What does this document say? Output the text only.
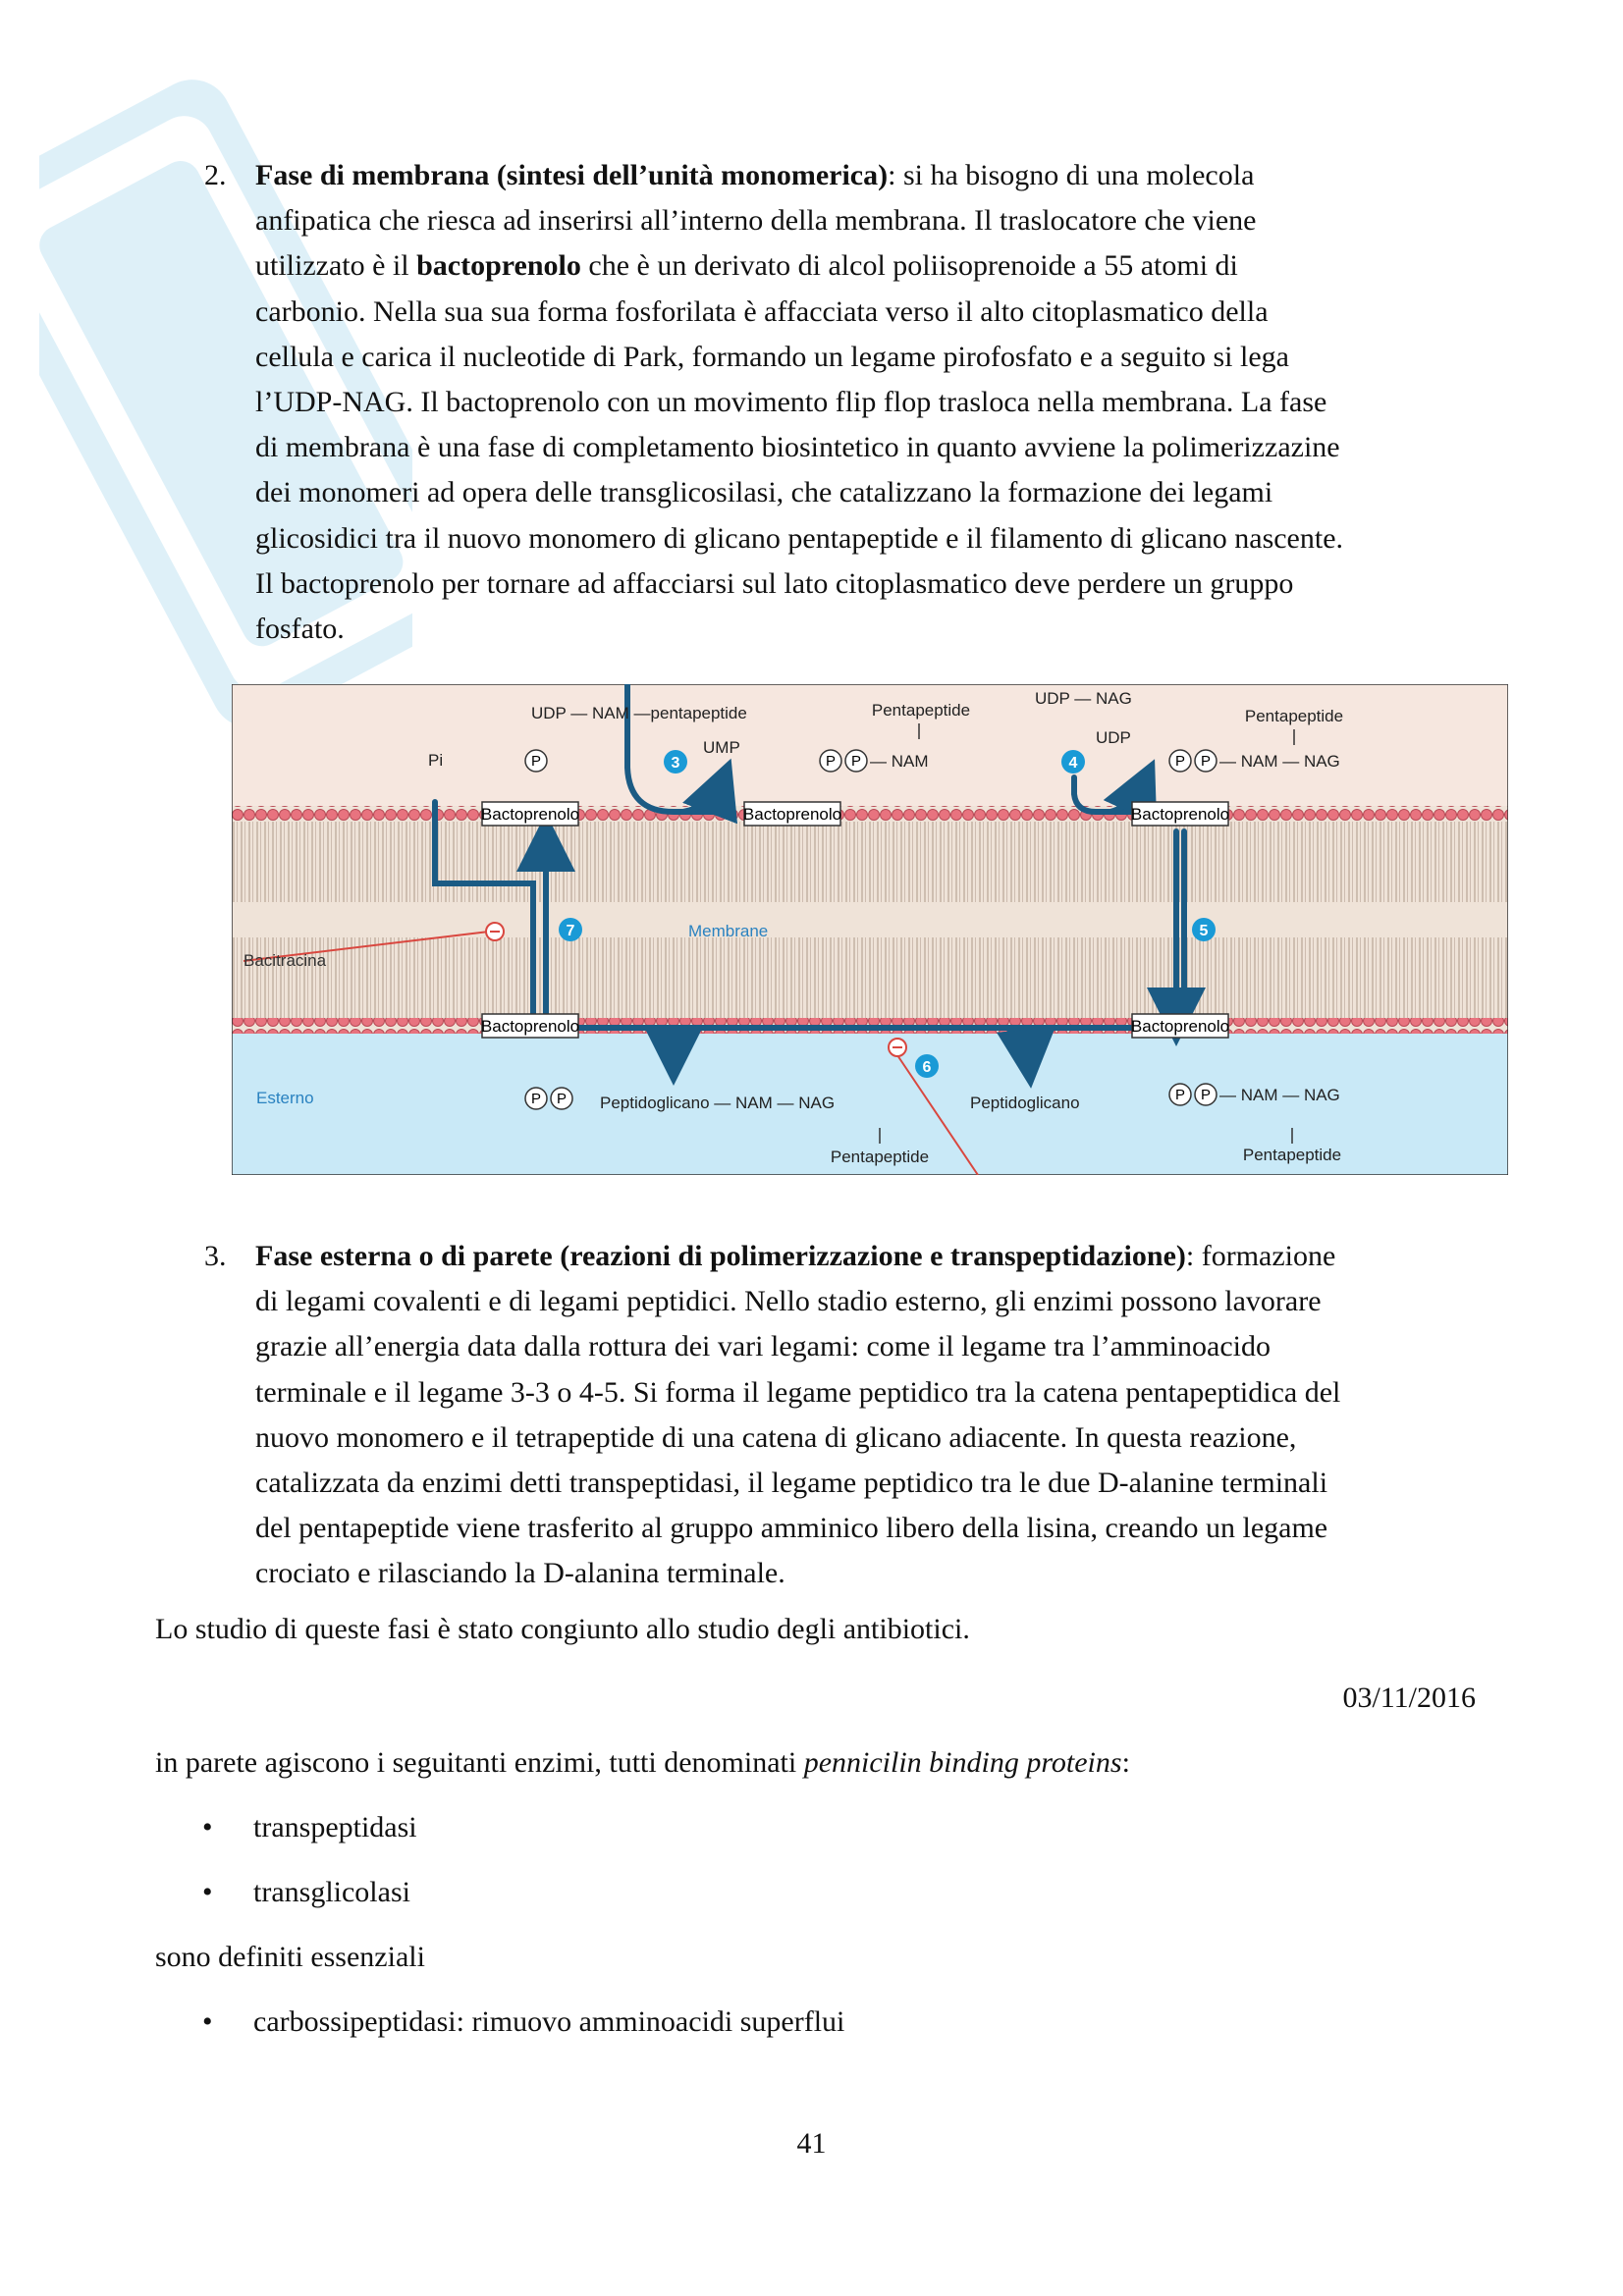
2. Fase di membrana (sintesi dell’unità monomerica): si ha bisogno di una molecola
anfipatica che riesca ad inserirsi all’interno della membrana. Il traslocatore che viene
utilizzato è il bactoprenolo che è un derivato di alcol poliisoprenoide a 55 atomi di
carbonio. Nella sua sua forma fosforilata è affacciata verso il alto citoplasmatico della
cellula e carica il nucleotide di Park, formando un legame pirofosfato e a seguito si lega
l’UDP-NAG. Il bactoprenolo con un movimento flip flop trasloca nella membrana. La fase
di membrana è una fase di completamento biosintetico in quanto avviene la polimerizzazine
dei monomeri ad opera delle transglicosilasi, che catalizzano la formazione dei legami
glicosidici tra il nuovo monomero di glicano pentapeptide e il filamento di glicano nascente.
Il bactoprenolo per tornare ad affacciarsi sul lato citoplasmatico deve perdere un gruppo
fosfato.
Bactoprenolo	Bactoprenolo	Bactoprenolo
Bactoprenolo	Bactoprenolo
3	4
5
6
7
P	P P	P P
P P	P P
UDP — NAM —pentapeptide	Pentapeptide
UDP — NAG
Pentapeptide
Pi
UMP
UDP
— NAM	— NAM — NAG
Membrane
Bacitracina
Esterno	Peptidoglicano — NAM — NAG
Pentapeptide
Peptidoglicano	— NAM — NAG
Pentapeptide
3. Fase esterna o di parete (reazioni di polimerizzazione e transpeptidazione): formazione
di legami covalenti e di legami peptidici. Nello stadio esterno, gli enzimi possono lavorare
grazie all’energia data dalla rottura dei vari legami: come il legame tra l’amminoacido
terminale e il legame 3-3 o 4-5. Si forma il legame peptidico tra la catena pentapeptidica del
nuovo monomero e il tetrapeptide di una catena di glicano adiacente. In questa reazione,
catalizzata da enzimi detti transpeptidasi, il legame peptidico tra le due D-alanine terminali
del pentapeptide viene trasferito al gruppo amminico libero della lisina, creando un legame
crociato e rilasciando la D-alanina terminale.
Lo studio di queste fasi è stato congiunto allo studio degli antibiotici.
03/11/2016
in parete agiscono i seguitanti enzimi, tutti denominati pennicilin binding proteins:
• transpeptidasi
• transglicolasi
sono definiti essenziali
• carbossipeptidasi: rimuovo amminoacidi superflui
41
